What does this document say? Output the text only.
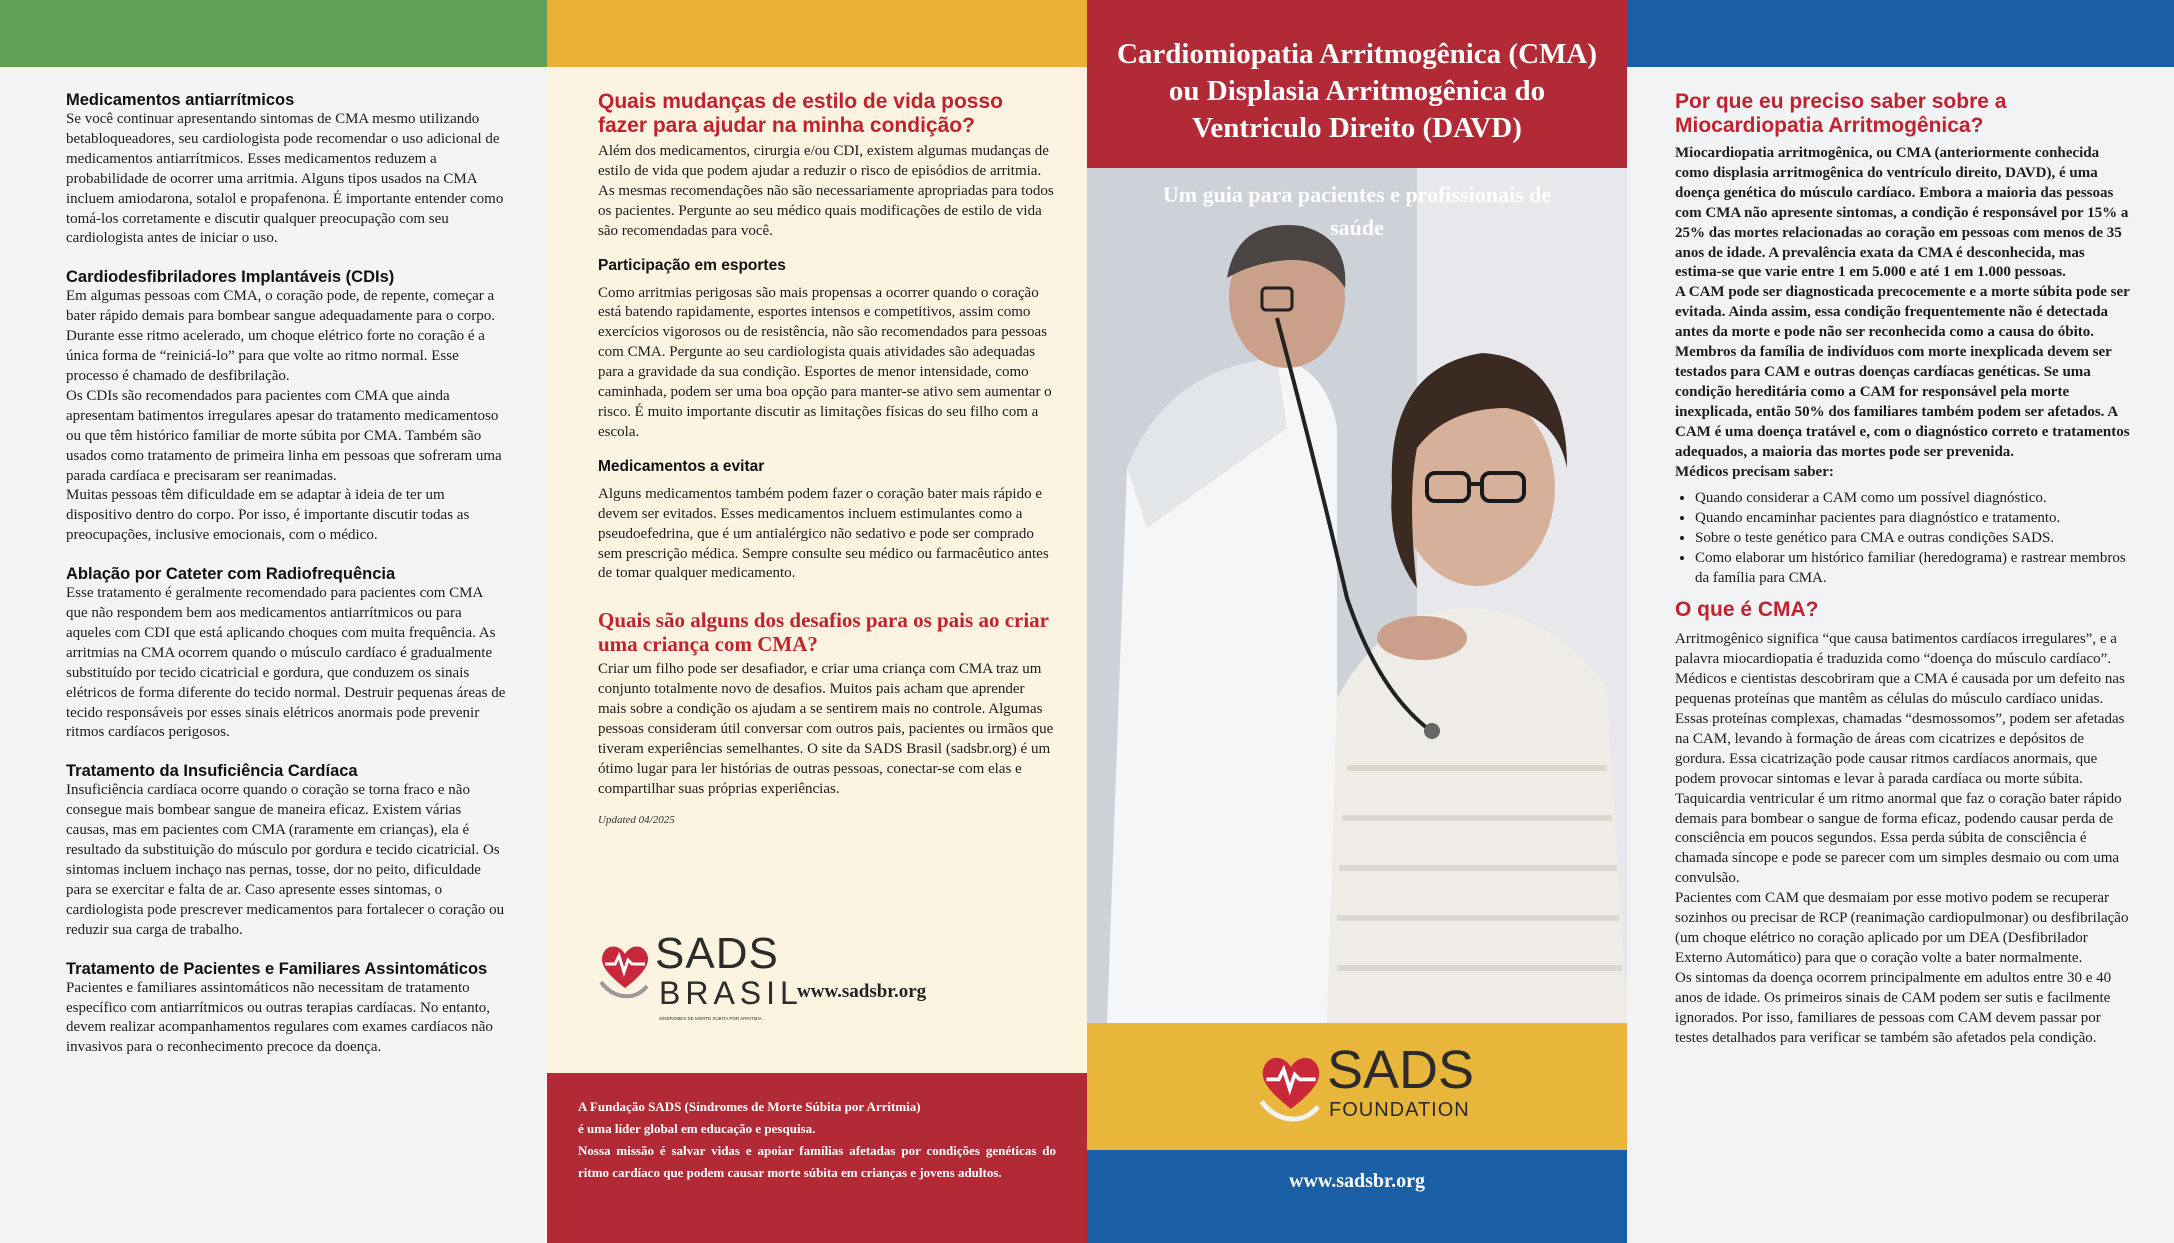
Medicamentos antiarrítmicos

Se você continuar apresentando sintomas de CMA mesmo utilizando betabloqueadores, seu cardiologista pode recomendar o uso adicional de medicamentos antiarrítmicos. Esses medicamentos reduzem a probabilidade de ocorrer uma arritmia. Alguns tipos usados na CMA incluem amiodarona, sotalol e propafenona. É importante entender como tomá-los corretamente e discutir qualquer preocupação com seu cardiologista antes de iniciar o uso.

Cardiodesfibriladores Implantáveis (CDIs)

Em algumas pessoas com CMA, o coração pode, de repente, começar a bater rápido demais para bombear sangue adequadamente para o corpo. Durante esse ritmo acelerado, um choque elétrico forte no coração é a única forma de “reiniciá-lo” para que volte ao ritmo normal. Esse processo é chamado de desfibrilação.

Os CDIs são recomendados para pacientes com CMA que ainda apresentam batimentos irregulares apesar do tratamento medicamentoso ou que têm histórico familiar de morte súbita por CMA. Também são usados como tratamento de primeira linha em pessoas que sofreram uma parada cardíaca e precisaram ser reanimadas.

Muitas pessoas têm dificuldade em se adaptar à ideia de ter um dispositivo dentro do corpo. Por isso, é importante discutir todas as preocupações, inclusive emocionais, com o médico.

Ablação por Cateter com Radiofrequência

Esse tratamento é geralmente recomendado para pacientes com CMA que não respondem bem aos medicamentos antiarrítmicos ou para aqueles com CDI que está aplicando choques com muita frequência. As arritmias na CMA ocorrem quando o músculo cardíaco é gradualmente substituído por tecido cicatricial e gordura, que conduzem os sinais elétricos de forma diferente do tecido normal. Destruir pequenas áreas de tecido responsáveis por esses sinais elétricos anormais pode prevenir ritmos cardíacos perigosos.

Tratamento da Insuficiência Cardíaca

Insuficiência cardíaca ocorre quando o coração se torna fraco e não consegue mais bombear sangue de maneira eficaz. Existem várias causas, mas em pacientes com CMA (raramente em crianças), ela é resultado da substituição do músculo por gordura e tecido cicatricial. Os sintomas incluem inchaço nas pernas, tosse, dor no peito, dificuldade para se exercitar e falta de ar. Caso apresente esses sintomas, o cardiologista pode prescrever medicamentos para fortalecer o coração ou reduzir sua carga de trabalho.

Tratamento de Pacientes e Familiares Assintomáticos

Pacientes e familiares assintomáticos não necessitam de tratamento específico com antiarrítmicos ou outras terapias cardíacas. No entanto, devem realizar acompanhamentos regulares com exames cardíacos não invasivos para o reconhecimento precoce da doença.

Quais mudanças de estilo de vida posso fazer para ajudar na minha condição?

Além dos medicamentos, cirurgia e/ou CDI, existem algumas mudanças de estilo de vida que podem ajudar a reduzir o risco de episódios de arritmia. As mesmas recomendações não são necessariamente apropriadas para todos os pacientes. Pergunte ao seu médico quais modificações de estilo de vida são recomendadas para você.

Participação em esportes

Como arritmias perigosas são mais propensas a ocorrer quando o coração está batendo rapidamente, esportes intensos e competitivos, assim como exercícios vigorosos ou de resistência, não são recomendados para pessoas com CMA. Pergunte ao seu cardiologista quais atividades são adequadas para a gravidade da sua condição. Esportes de menor intensidade, como caminhada, podem ser uma boa opção para manter-se ativo sem aumentar o risco. É muito importante discutir as limitações físicas do seu filho com a escola.

Medicamentos a evitar

Alguns medicamentos também podem fazer o coração bater mais rápido e devem ser evitados. Esses medicamentos incluem estimulantes como a pseudoefedrina, que é um antialérgico não sedativo e pode ser comprado sem prescrição médica. Sempre consulte seu médico ou farmacêutico antes de tomar qualquer medicamento.

Quais são alguns dos desafios para os pais ao criar uma criança com CMA?

Criar um filho pode ser desafiador, e criar uma criança com CMA traz um conjunto totalmente novo de desafios. Muitos pais acham que aprender mais sobre a condição os ajudam a se sentirem mais no controle. Algumas pessoas consideram útil conversar com outros pais, pacientes ou irmãos que tiveram experiências semelhantes. O site da SADS Brasil (sadsbr.org) é um ótimo lugar para ler histórias de outras pessoas, conectar-se com elas e compartilhar suas próprias experiências.

Updated 04/2025

SADS
BRASIL
SÍNDROMES DE MORTE SÚBITA POR ARRITMIA
www.sadsbr.org
A Fundação SADS (Síndromes de Morte Súbita por Arritmia)
é uma líder global em educação e pesquisa.
Nossa missão é salvar vidas e apoiar famílias afetadas por condições genéticas do ritmo cardíaco que podem causar morte súbita em crianças e jovens adultos.

Cardiomiopatia Arritmogênica (CMA) ou Displasia Arritmogênica do Ventriculo Direito (DAVD)

Um guia para pacientes e profissionais de saúde

SADS
FOUNDATION

www.sadsbr.org

Por que eu preciso saber sobre a Miocardiopatia Arritmogênica?

Miocardiopatia arritmogênica, ou CMA (anteriormente conhecida como displasia arritmogênica do ventrículo direito, DAVD), é uma doença genética do músculo cardíaco. Embora a maioria das pessoas com CMA não apresente sintomas, a condição é responsável por 15% a 25% das mortes relacionadas ao coração em pessoas com menos de 35 anos de idade. A prevalência exata da CMA é desconhecida, mas estima-se que varie entre 1 em 5.000 e até 1 em 1.000 pessoas.

A CAM pode ser diagnosticada precocemente e a morte súbita pode ser evitada. Ainda assim, essa condição frequentemente não é detectada antes da morte e pode não ser reconhecida como a causa do óbito. Membros da família de indivíduos com morte inexplicada devem ser testados para CAM e outras doenças cardíacas genéticas. Se uma condição hereditária como a CAM for responsável pela morte inexplicada, então 50% dos familiares também podem ser afetados. A CAM é uma doença tratável e, com o diagnóstico correto e tratamentos adequados, a maioria das mortes pode ser prevenida.

Médicos precisam saber:

• Quando considerar a CAM como um possível diagnóstico.
• Quando encaminhar pacientes para diagnóstico e tratamento.
• Sobre o teste genético para CMA e outras condições SADS.
• Como elaborar um histórico familiar (heredograma) e rastrear membros da família para CMA.

O que é CMA?

Arritmogênico significa “que causa batimentos cardíacos irregulares”, e a palavra miocardiopatia é traduzida como “doença do músculo cardíaco”. Médicos e cientistas descobriram que a CMA é causada por um defeito nas pequenas proteínas que mantêm as células do músculo cardíaco unidas. Essas proteínas complexas, chamadas “desmossomos”, podem ser afetadas na CAM, levando à formação de áreas com cicatrizes e depósitos de gordura. Essa cicatrização pode causar ritmos cardíacos anormais, que podem provocar sintomas e levar à parada cardíaca ou morte súbita.

Taquicardia ventricular é um ritmo anormal que faz o coração bater rápido demais para bombear o sangue de forma eficaz, podendo causar perda de consciência em poucos segundos. Essa perda súbita de consciência é chamada síncope e pode se parecer com um simples desmaio ou com uma convulsão.

Pacientes com CAM que desmaiam por esse motivo podem se recuperar sozinhos ou precisar de RCP (reanimação cardiopulmonar) ou desfibrilação (um choque elétrico no coração aplicado por um DEA (Desfibrilador Externo Automático) para que o coração volte a bater normalmente.

Os sintomas da doença ocorrem principalmente em adultos entre 30 e 40 anos de idade. Os primeiros sinais de CAM podem ser sutis e facilmente ignorados. Por isso, familiares de pessoas com CAM devem passar por testes detalhados para verificar se também são afetados pela condição.
